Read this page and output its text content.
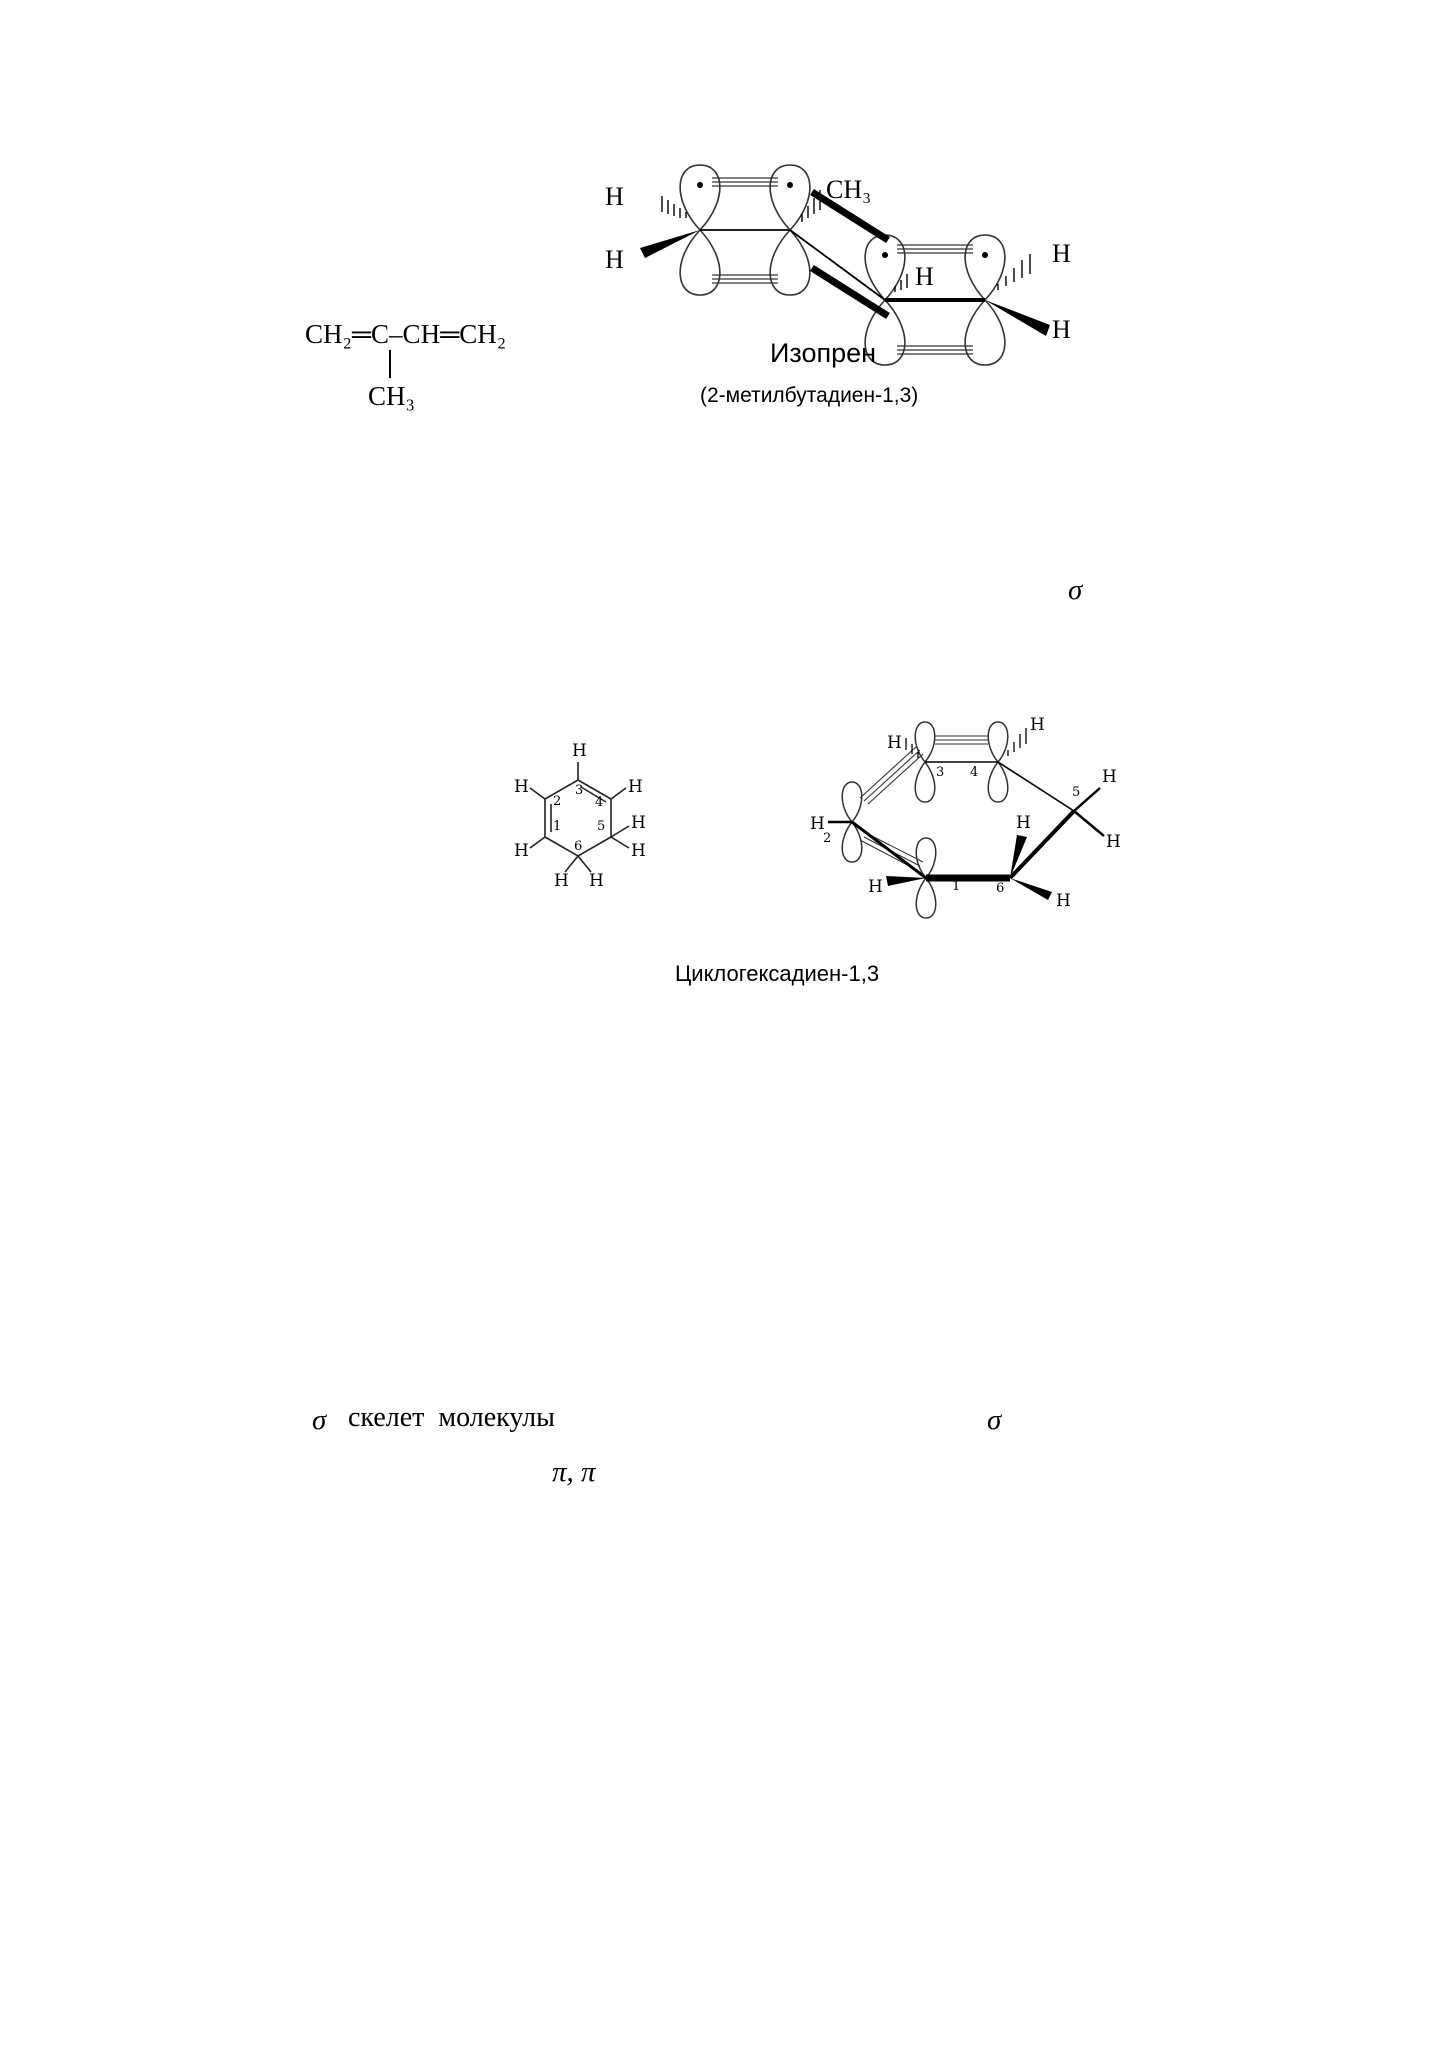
CH₂═C–CH═CH₂
CH₃
H
H
CH₃
H
H
H
Изопрен
(2-метилбутадиен-1,3)
σ
H
H	H
H
H
H
H H
1
2
3
4
5
6
H
H
H
H
H	H
H
H
1
2
3 4
5
6
Циклогексадиен-1,3
σ скелет  молекулы	σ
π, π
